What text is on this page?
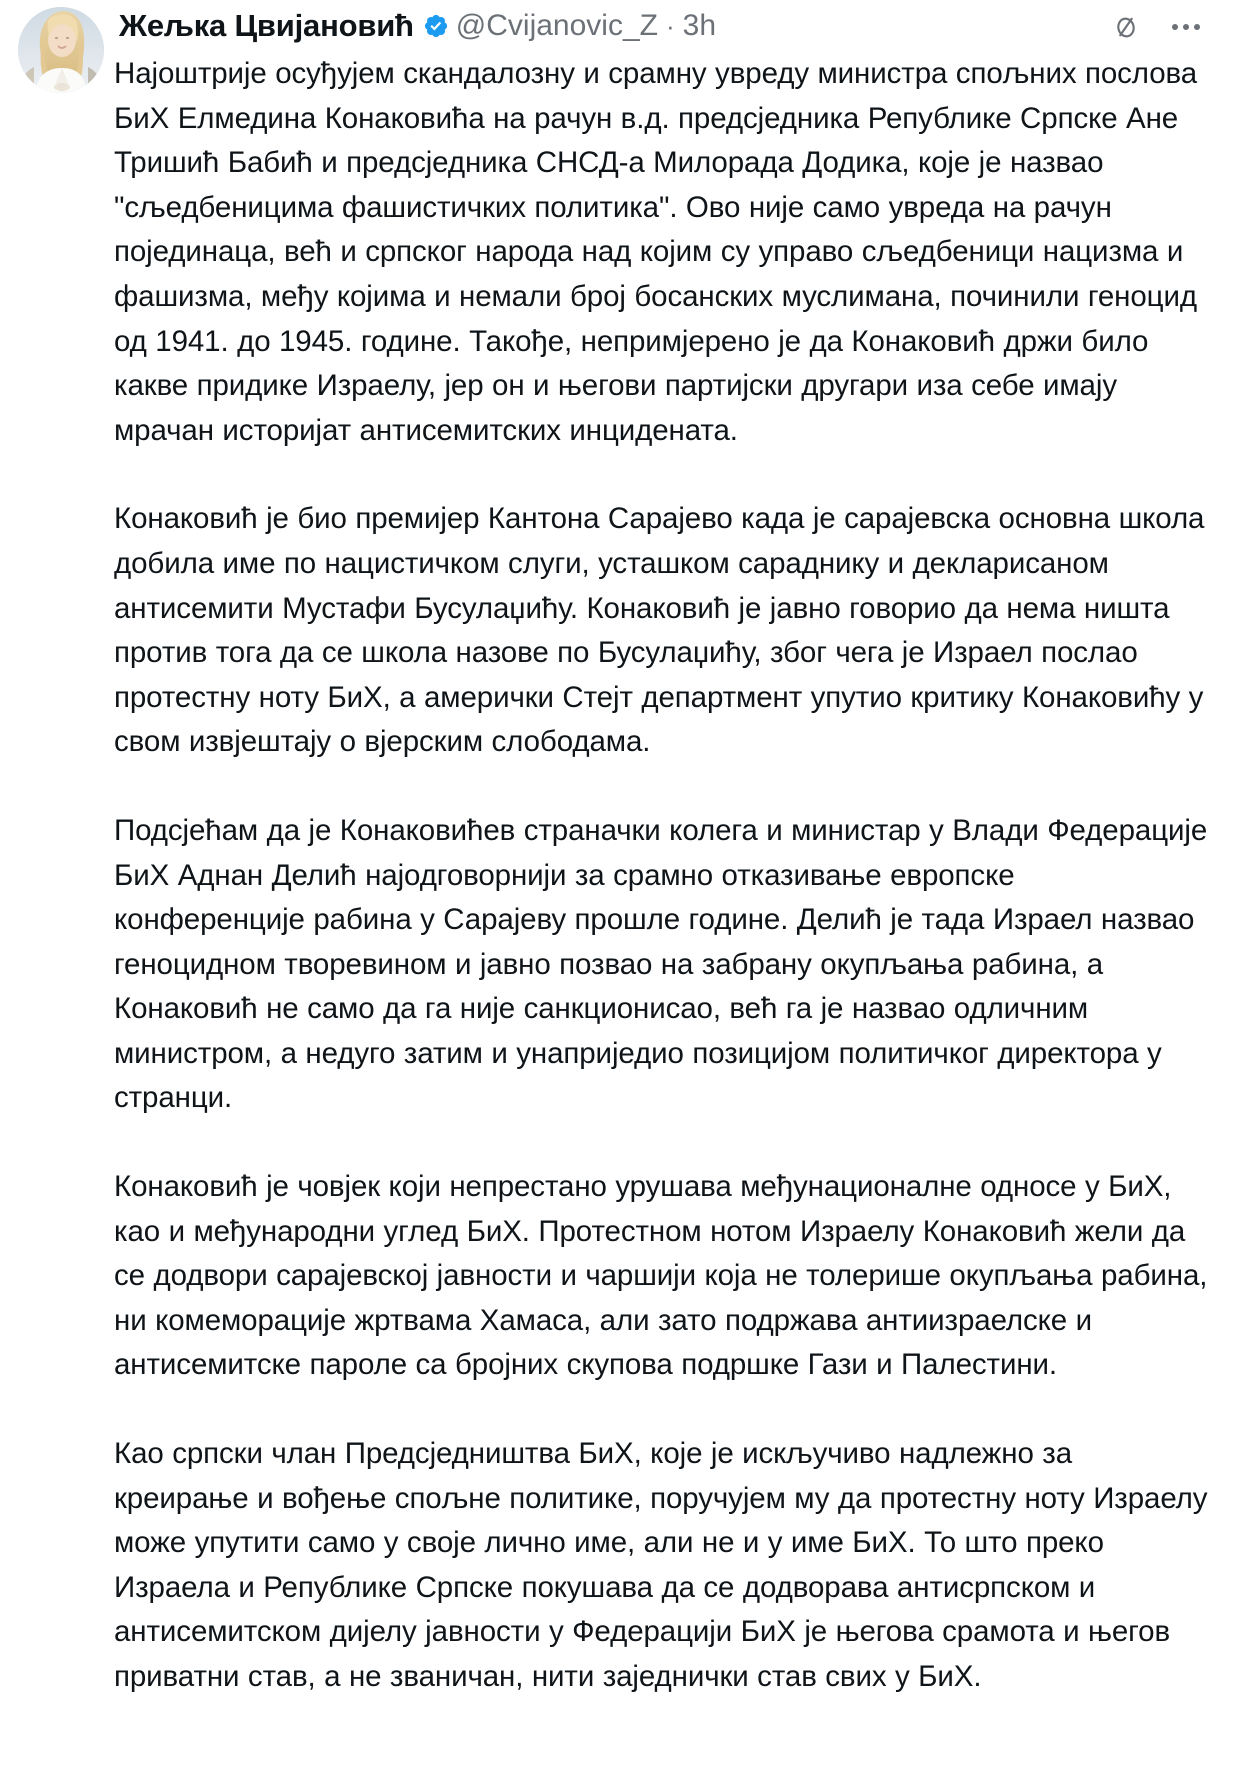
Жељка Цвијановић @Cvijanovic_Z · 3h

Најоштрије осуђујем скандалозну и срамну увреду министра спољних послова БиХ Елмедина Конаковића на рачун в.д. предсједника Републике Српске Ане Тришић Бабић и предсједника СНСД-а Милорада Додика, које је назвао "сљедбеницима фашистичких политика". Ово није само увреда на рачун појединаца, већ и српског народа над којим су управо сљедбеници нацизма и фашизма, међу којима и немали број босанских муслимана, починили геноцид од 1941. до 1945. године. Такође, непримјерено је да Конаковић држи било какве придике Израелу, јер он и његови партијски другари иза себе имају мрачан историјат антисемитских инцидената.

Конаковић је био премијер Кантона Сарајево када је сарајевска основна школа добила име по нацистичком слуги, усташком сараднику и декларисаном антисемити Мустафи Бусулаџићу. Конаковић је јавно говорио да нема ништа против тога да се школа назове по Бусулаџићу, због чега је Израел послао протестну ноту БиХ, а амерички Стејт департмент упутио критику Конаковићу у свом извјештају о вјерским слободама.

Подсјећам да је Конаковићев страначки колега и министар у Влади Федерације БиХ Аднан Делић најодговорнији за срамно отказивање европске конференције рабина у Сарајеву прошле године. Делић је тада Израел назвао геноцидном творевином и јавно позвао на забрану окупљања рабина, а Конаковић не само да га није санкционисао, већ га је назвао одличним министром, а недуго затим и унаприједио позицијом политичког директора у странци.

Конаковић је човјек који непрестано урушава међунационалне односе у БиХ, као и међународни углед БиХ. Протестном нотом Израелу Конаковић жели да се додвори сарајевској јавности и чаршији која не толерише окупљања рабина, ни комеморације жртвама Хамаса, али зато подржава антиизраелске и антисемитске пароле са бројних скупова подршке Гази и Палестини.

Као српски члан Предсједништва БиХ, које је искључиво надлежно за креирање и вођење спољне политике, поручујем му да протестну ноту Израелу може упутити само у своје лично име, али не и у име БиХ. То што преко Израела и Републике Српске покушава да се додворава антисрпском и антисемитском дијелу јавности у Федерацији БиХ је његова срамота и његов приватни став, а не званичан, нити заједнички став свих у БиХ.
